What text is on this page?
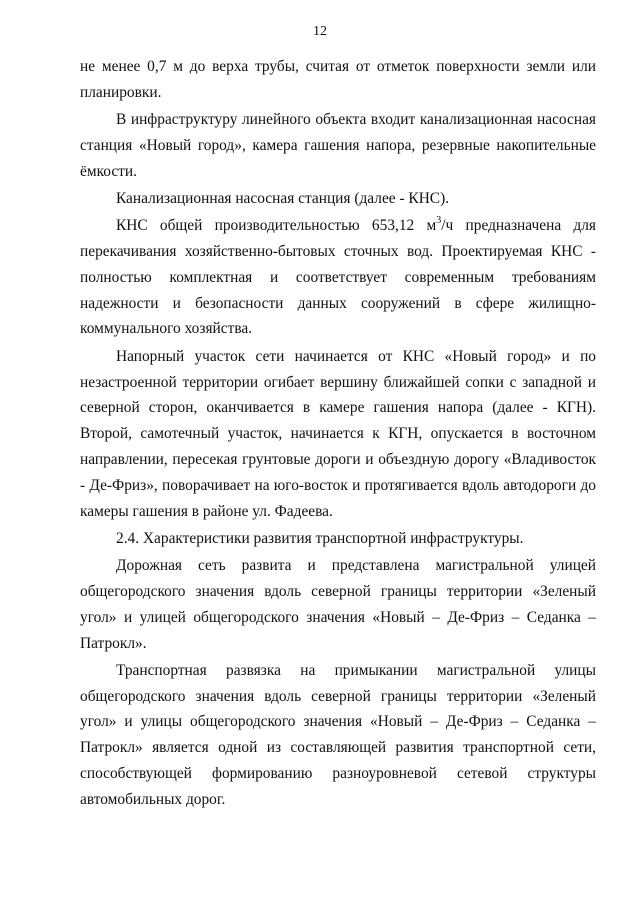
12

не менее 0,7 м до верха трубы, считая от отметок поверхности земли или планировки.

В инфраструктуру линейного объекта входит канализационная насосная станция «Новый город», камера гашения напора, резервные накопительные ёмкости.

Канализационная насосная станция (далее - КНС).

КНС общей производительностью 653,12 $м^3/ч$ предназначена для перекачивания хозяйственно-бытовых сточных вод. Проектируемая КНС - полностью комплектная и соответствует современным требованиям надежности и безопасности данных сооружений в сфере жилищно-коммунального хозяйства.

Напорный участок сети начинается от КНС «Новый город» и по незастроенной территории огибает вершину ближайшей сопки с западной и северной сторон, оканчивается в камере гашения напора (далее - КГН). Второй, самотечный участок, начинается к КГН, опускается в восточном направлении, пересекая грунтовые дороги и объездную дорогу «Владивосток - Де-Фриз», поворачивает на юго-восток и протягивается вдоль автодороги до камеры гашения в районе ул. Фадеева.

2.4. Характеристики развития транспортной инфраструктуры.

Дорожная сеть развита и представлена магистральной улицей общегородского значения вдоль северной границы территории «Зеленый угол» и улицей общегородского значения «Новый – Де-Фриз – Седанка – Патрокл».

Транспортная развязка на примыкании магистральной улицы общегородского значения вдоль северной границы территории «Зеленый угол» и улицы общегородского значения «Новый – Де-Фриз – Седанка – Патрокл» является одной из составляющей развития транспортной сети, способствующей формированию разноуровневой сетевой структуры автомобильных дорог.
